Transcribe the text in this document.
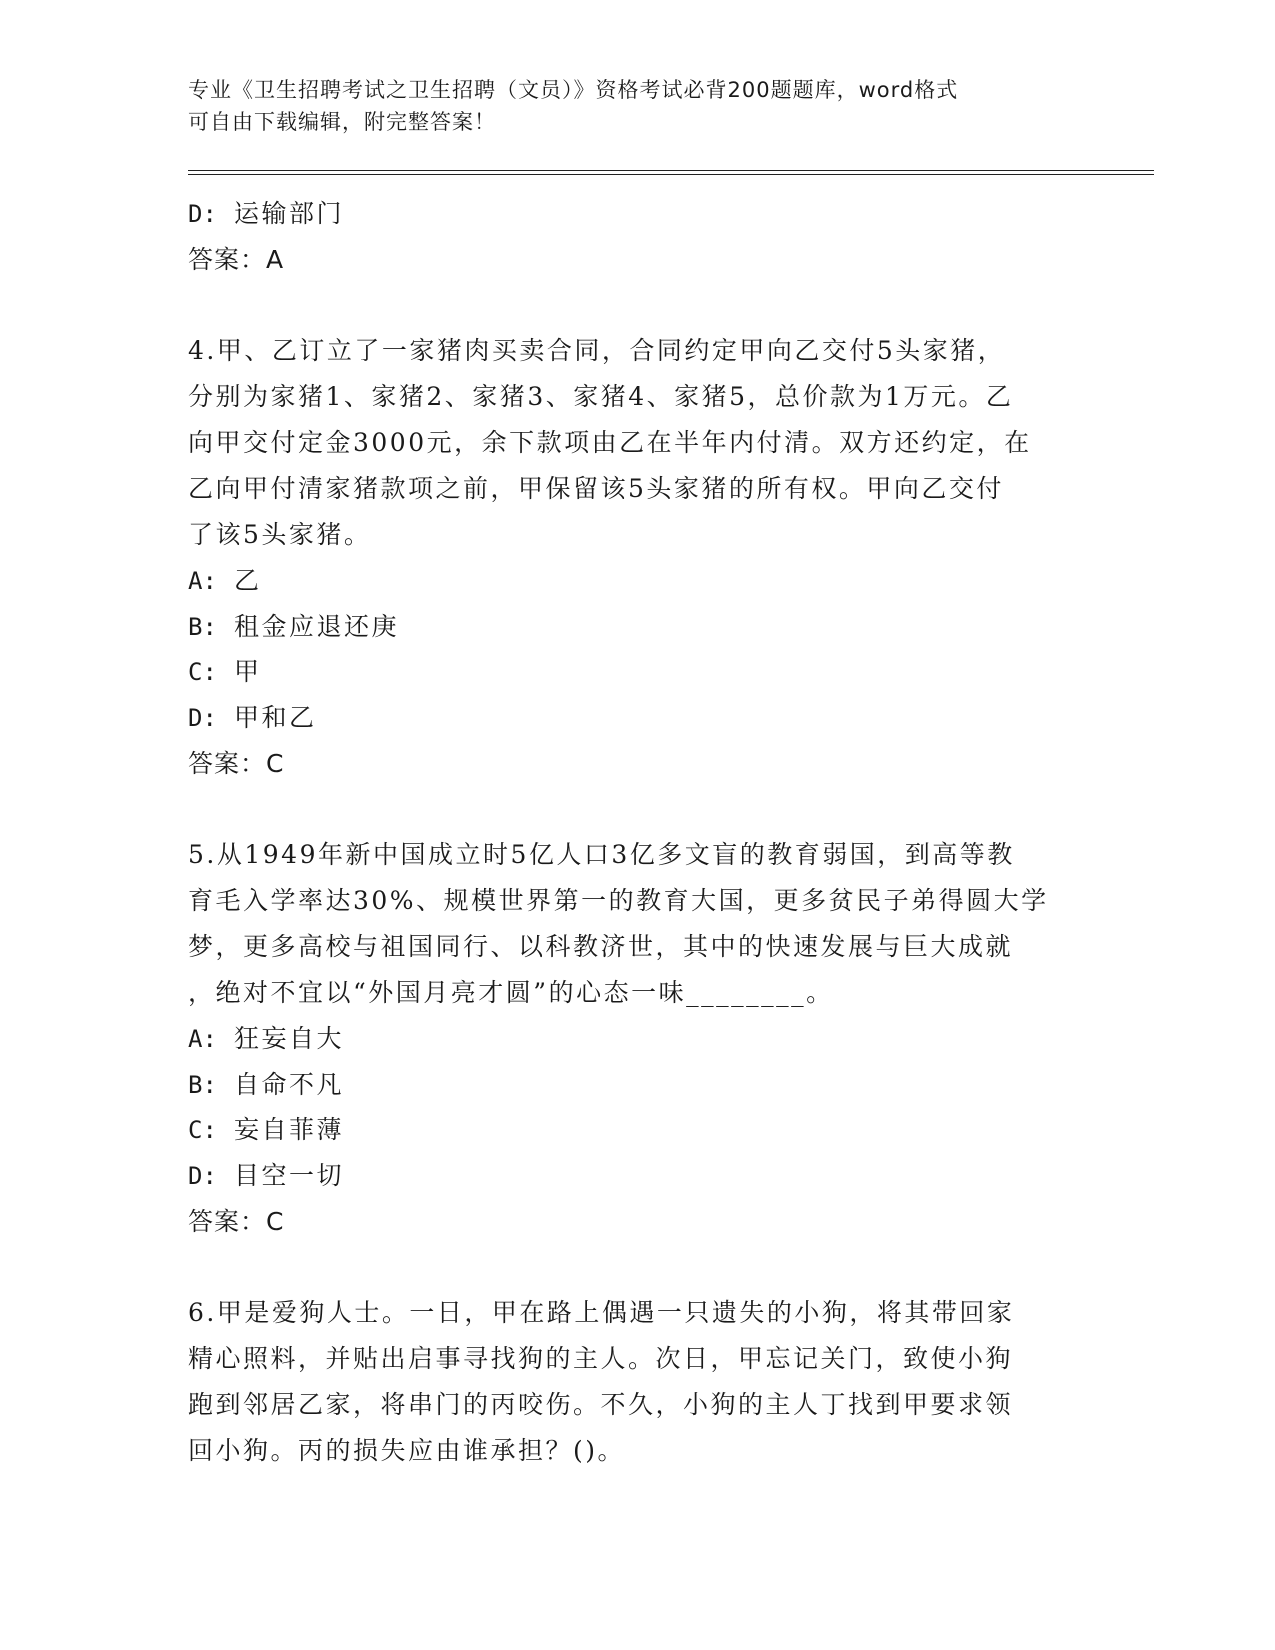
专业《卫生招聘考试之卫生招聘（文员）》资格考试必背200题题库，word格式
可自由下载编辑，附完整答案！
D: 运输部门
答案：A
4.甲、乙订立了一家猪肉买卖合同，合同约定甲向乙交付5头家猪，
分别为家猪1、家猪2、家猪3、家猪4、家猪5，总价款为1万元。乙
向甲交付定金3000元，余下款项由乙在半年内付清。双方还约定，在
乙向甲付清家猪款项之前，甲保留该5头家猪的所有权。甲向乙交付
了该5头家猪。
A: 乙
B: 租金应退还庚
C: 甲
D: 甲和乙
答案：C
5.从1949年新中国成立时5亿人口3亿多文盲的教育弱国，到高等教
育毛入学率达30%、规模世界第一的教育大国，更多贫民子弟得圆大学
梦，更多高校与祖国同行、以科教济世，其中的快速发展与巨大成就
，绝对不宜以“外国月亮才圆”的心态一味________。
A: 狂妄自大
B: 自命不凡
C: 妄自菲薄
D: 目空一切
答案：C
6.甲是爱狗人士。一日，甲在路上偶遇一只遗失的小狗，将其带回家
精心照料，并贴出启事寻找狗的主人。次日，甲忘记关门，致使小狗
跑到邻居乙家，将串门的丙咬伤。不久，小狗的主人丁找到甲要求领
回小狗。丙的损失应由谁承担？()。
